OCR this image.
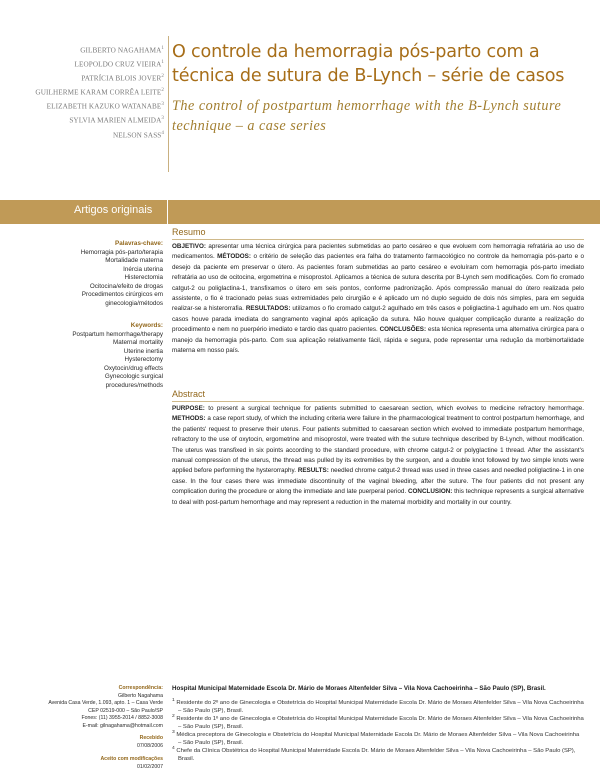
GILBERTO NAGAHAMA$^1$
LEOPOLDO CRUZ VIEIRA$^1$
PATRÍCIA BLOIS JOVER$^2$
GUILHERME KARAM CORRÊA LEITE$^2$
ELIZABETH KAZUKO WATANABE$^3$
SYLVIA MARIEN ALMEIDA$^3$
NELSON SASS$^4$
O controle da hemorragia pós-parto com a técnica de sutura de B-Lynch – série de casos
The control of postpartum hemorrhage with the B-Lynch suture technique – a case series
Artigos originais
Palavras-chave:
Hemorragia pós-parto/terapia
Mortalidade materna
Inércia uterina
Histerectomia
Ocitocina/efeito de drogas
Procedimentos cirúrgicos em
ginecologia/métodos
Keywords:
Postpartum hemorrhage/therapy
Maternal mortality
Uterine inertia
Hysterectomy
Oxytocin/drug effects
Gynecologic surgical
procedures/methods
Resumo
OBJETIVO: apresentar uma técnica cirúrgica para pacientes submetidas ao parto cesáreo e que evoluem com hemorragia refratária ao uso de medicamentos. MÉTODOS: o critério de seleção das pacientes era falha do tratamento farmacológico no controle da hemorragia pós-parto e o desejo da paciente em preservar o útero. As pacientes foram submetidas ao parto cesáreo e evoluíram com hemorragia pós-parto imediato refratária ao uso de ocitocina, ergometrina e misoprostol. Aplicamos a técnica de sutura descrita por B-Lynch sem modificações. Com fio cromado catgut-2 ou poliglactina-1, transfixamos o útero em seis pontos, conforme padronização. Após compressão manual do útero realizada pelo assistente, o fio é tracionado pelas suas extremidades pelo cirurgião e é aplicado um nó duplo seguido de dois nós simples, para em seguida realizar-se a histerorrafia. RESULTADOS: utilizamos o fio cromado catgut-2 agulhado em três casos e poliglactina-1 agulhado em um. Nos quatro casos houve parada imediata do sangramento vaginal após aplicação da sutura. Não houve qualquer complicação durante a realização do procedimento e nem no puerpério imediato e tardio das quatro pacientes. CONCLUSÕES: esta técnica representa uma alternativa cirúrgica para o manejo da hemorragia pós-parto. Com sua aplicação relativamente fácil, rápida e segura, pode representar uma redução da morbimortalidade materna em nosso país.
Abstract
PURPOSE: to present a surgical technique for patients submitted to caesarean section, which evolves to medicine refractory hemorrhage. METHODS: a case report study, of which the including criteria were failure in the pharmacological treatment to control postpartum hemorrhage, and the patients' request to preserve their uterus. Four patients submitted to caesarean section which evolved to immediate postpartum hemorrhage, refractory to the use of oxytocin, ergometrine and misoprostol, were treated with the suture technique described by B-Lynch, without modification. The uterus was transfixed in six points according to the standard procedure, with chrome catgut-2 or polyglactine 1 thread. After the assistant's manual compression of the uterus, the thread was pulled by its extremities by the surgeon, and a double knot followed by two simple knots were applied before performing the hysterorraphy. RESULTS: needled chrome catgut-2 thread was used in three cases and needled poliglactine-1 in one case. In the four cases there was immediate discontinuity of the vaginal bleeding, after the suture. The four patients did not present any complication during the procedure or along the immediate and late puerperal period. CONCLUSION: this technique represents a surgical alternative to deal with post-partum hemorrhage and may represent a reduction in the maternal morbidity and mortality in our country.
Correspondência:
Gilberto Nagahama
Avenida Casa Verde, 1.093, apto. 1 – Casa Verde
CEP 02519-000 – São Paulo/SP
Fones: (11) 3955-2014 / 8852-3008
E-mail: gilnagahama@hotmail.com
Recebido
07/08/2006
Aceito com modificações
01/02/2007
Hospital Municipal Maternidade Escola Dr. Mário de Moraes Altenfelder Silva – Vila Nova Cachoeirinha – São Paulo (SP), Brasil.
$^1$ Residente do 2º ano de Ginecologia e Obstetrícia do Hospital Municipal Maternidade Escola Dr. Mário de Moraes Altenfelder Silva – Vila Nova Cachoeirinha – São Paulo (SP), Brasil.
$^2$ Residente do 1º ano de Ginecologia e Obstetrícia do Hospital Municipal Maternidade Escola Dr. Mário de Moraes Altenfelder Silva – Vila Nova Cachoeirinha – São Paulo (SP), Brasil.
$^3$ Médica preceptora de Ginecologia e Obstetrícia do Hospital Municipal Maternidade Escola Dr. Mário de Moraes Altenfelder Silva – Vila Nova Cachoeirinha – São Paulo (SP), Brasil.
$^4$ Chefe da Clínica Obstétrica do Hospital Municipal Maternidade Escola Dr. Mário de Moraes Altenfelder Silva – Vila Nova Cachoeirinha – São Paulo (SP), Brasil.
